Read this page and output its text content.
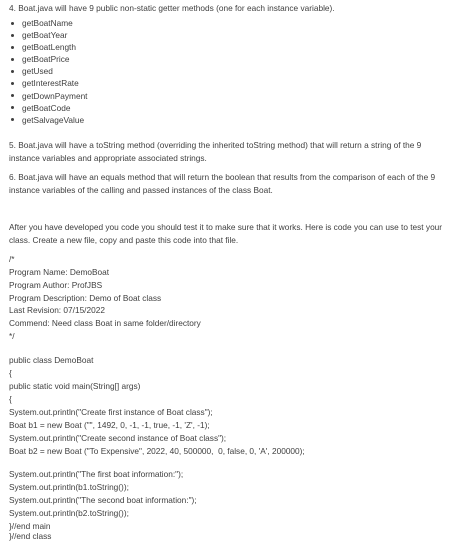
4. Boat.java will have 9 public non-static getter methods (one for each instance variable).
getBoatName
getBoatYear
getBoatLength
getBoatPrice
getUsed
getInterestRate
getDownPayment
getBoatCode
getSalvageValue
5. Boat.java will have a toString method (overriding the inherited toString method) that will return a string of the 9
instance variables and appropriate associated strings.
6. Boat.java will have an equals method that will return the boolean that results from the comparison of each of the 9
instance variables of the calling and passed instances of the class Boat.
After you have developed you code you should test it to make sure that it works. Here is code you can use to test your
class. Create a new file, copy and paste this code into that file.
/*
Program Name: DemoBoat
Program Author: ProfJBS
Program Description: Demo of Boat class
Last Revision: 07/15/2022
Commend: Need class Boat in same folder/directory
*/
public class DemoBoat
{
public static void main(String[] args)
{
System.out.println("Create first instance of Boat class");
Boat b1 = new Boat ("", 1492, 0, -1, -1, true, -1, 'Z', -1);
System.out.println("Create second instance of Boat class");
Boat b2 = new Boat ("To Expensive", 2022, 40, 500000,  0, false, 0, 'A', 200000);
System.out.println("The first boat information:");
System.out.println(b1.toString());
System.out.println("The second boat information:");
System.out.println(b2.toString());
}//end main
}//end class
